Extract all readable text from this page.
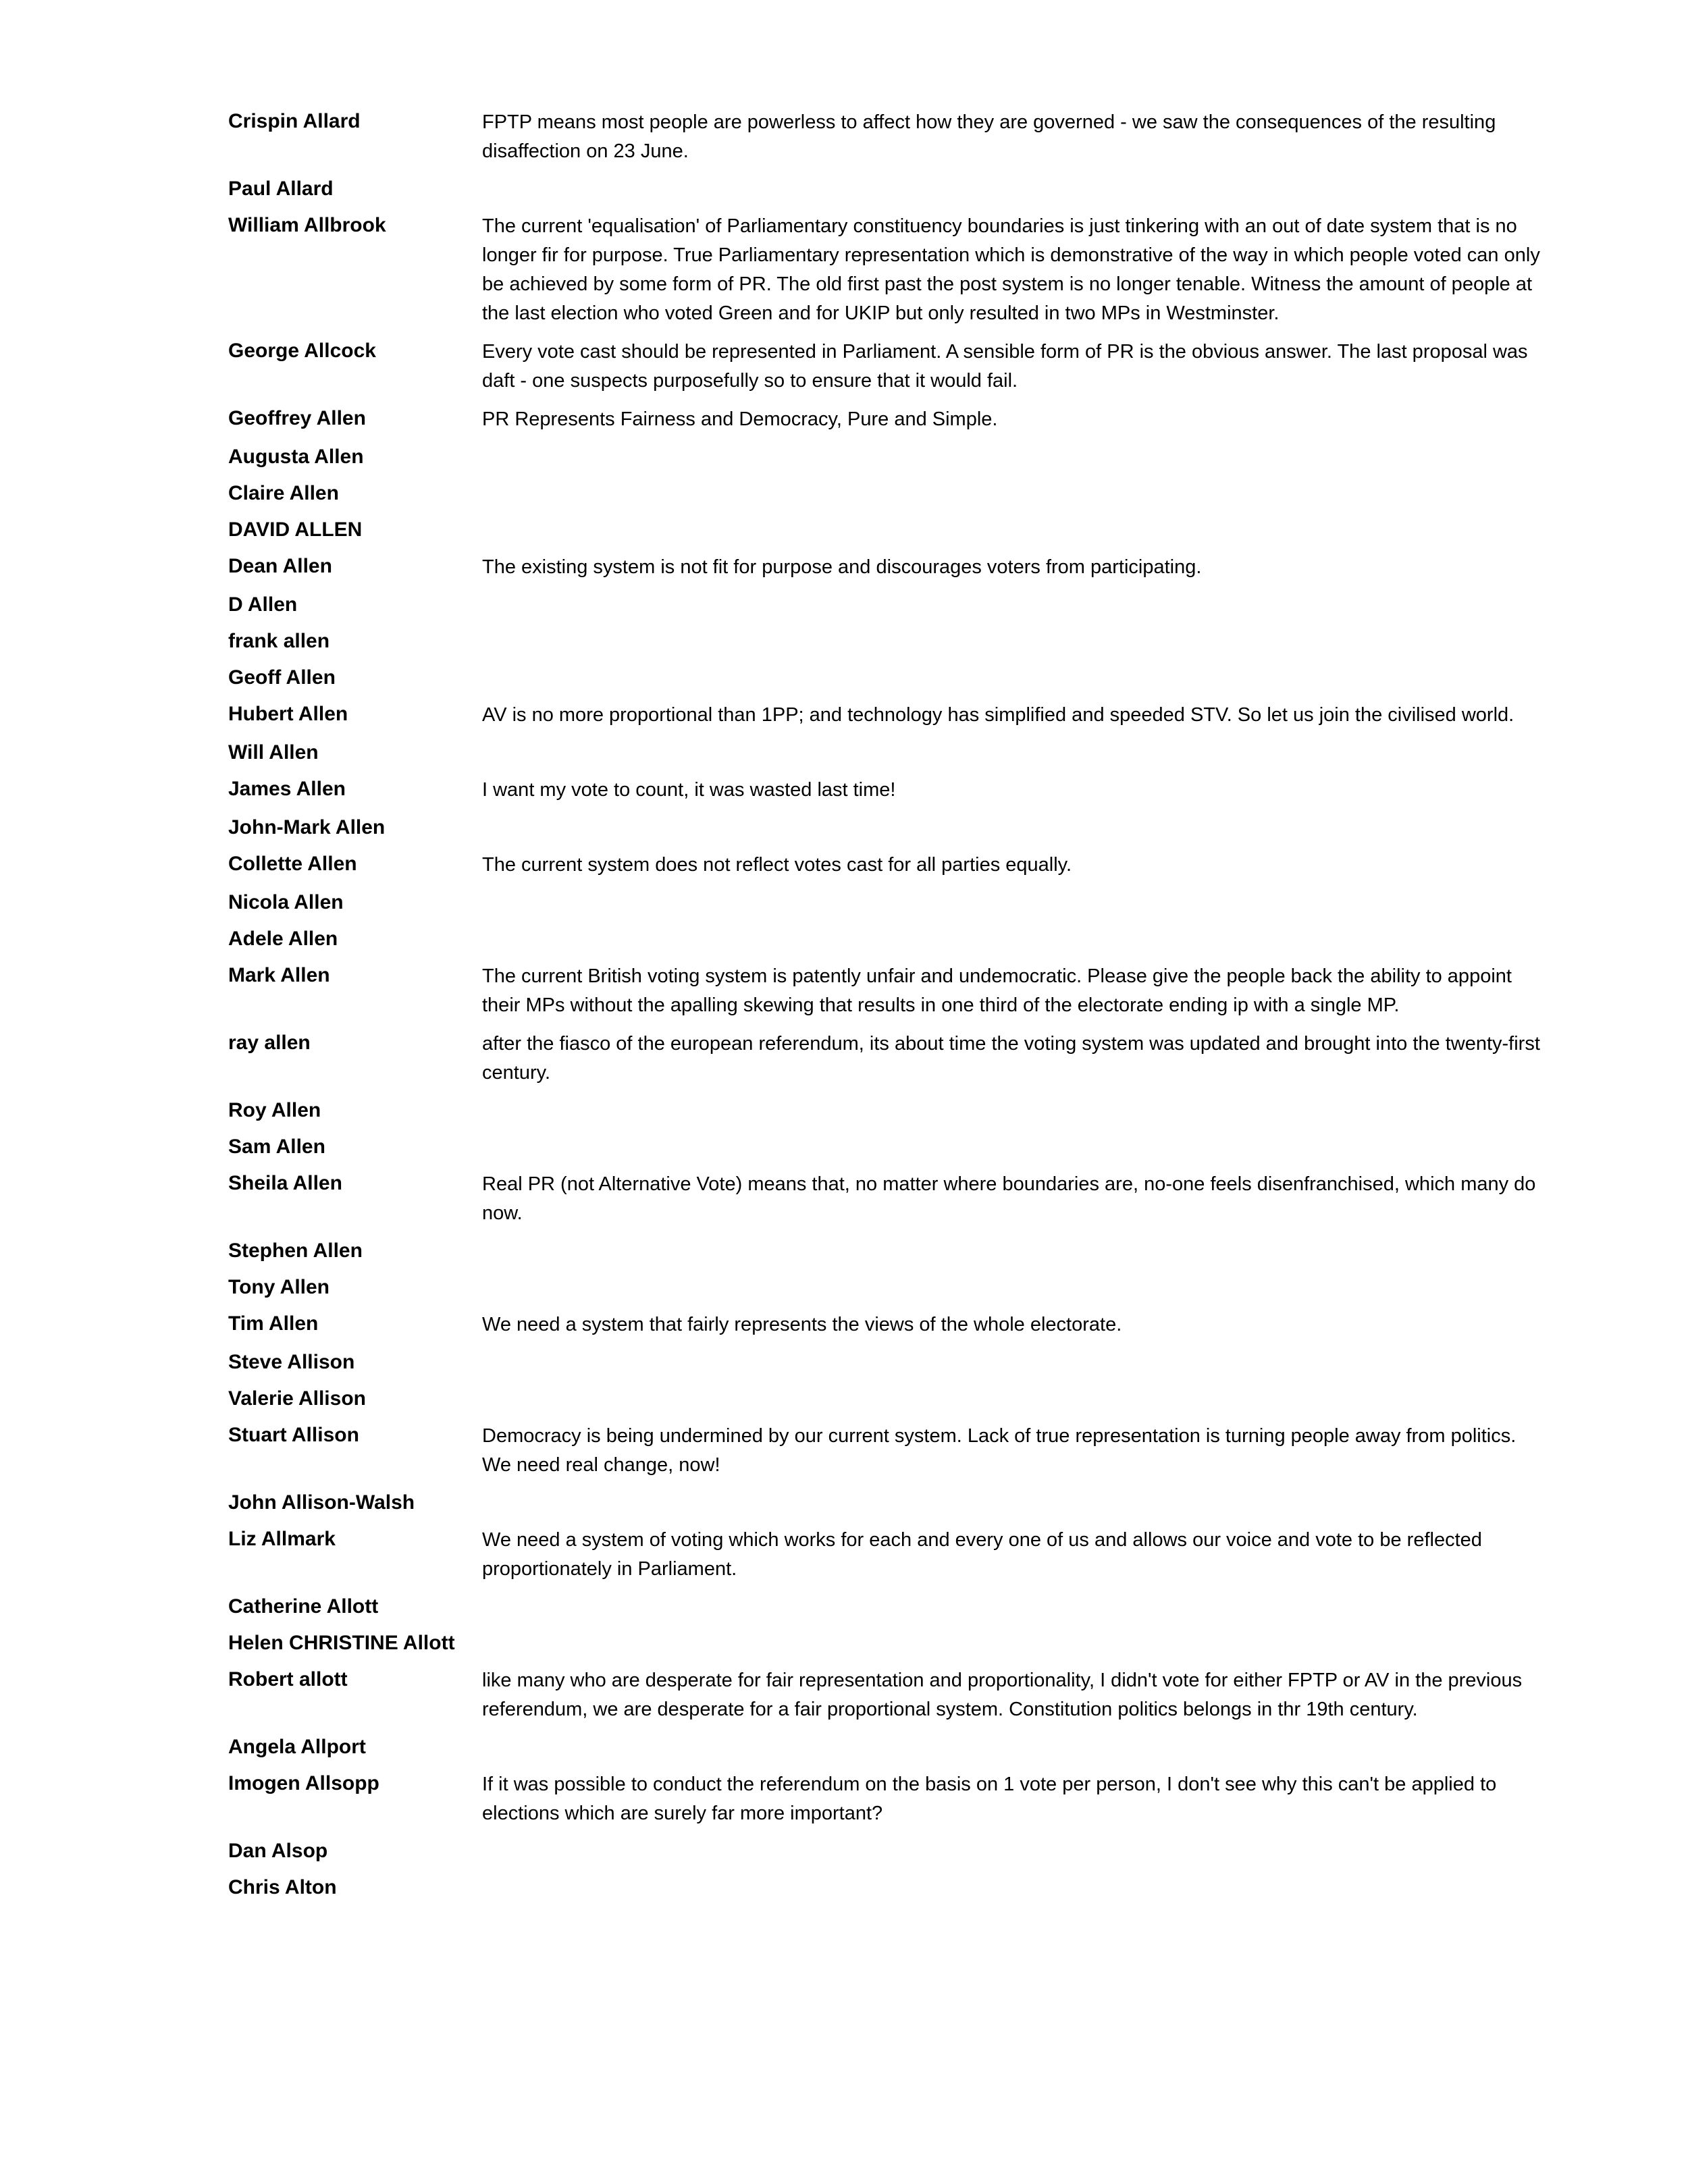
Crispin Allard	FPTP means most people are powerless to affect how they are governed - we saw the consequences of the resulting disaffection on 23 June.
Paul Allard
William Allbrook	The current 'equalisation' of Parliamentary constituency boundaries is just tinkering with an out of date system that is no longer fir for purpose. True Parliamentary representation which is demonstrative of the way in which people voted can only be achieved by some form of PR. The old first past the post system is no longer tenable. Witness the amount of people at the last election who voted Green and for UKIP but only resulted in two MPs in Westminster.
George Allcock	Every vote cast should be represented in Parliament. A sensible form of PR is the obvious answer. The last proposal was daft - one suspects purposefully so to ensure that it would fail.
Geoffrey Allen	PR Represents Fairness and Democracy, Pure and Simple.
Augusta Allen
Claire Allen
DAVID ALLEN
Dean Allen	The existing system is not fit for purpose and discourages voters from participating.
D Allen
frank allen
Geoff Allen
Hubert Allen	AV is no more proportional than 1PP; and technology has simplified and speeded STV. So let us join the civilised world.
Will Allen
James Allen	I want my vote to count, it was wasted last time!
John-Mark Allen
Collette Allen	The current system does not reflect votes cast for all parties equally.
Nicola Allen
Adele Allen
Mark Allen	The current British voting system is patently unfair and undemocratic. Please give the people back the ability to appoint their MPs without the apalling skewing that results in one third of the electorate ending ip with a single MP.
ray allen	after the fiasco of the european referendum, its about time the voting system was updated and brought into the twenty-first century.
Roy Allen
Sam Allen
Sheila Allen	Real PR (not Alternative Vote) means that, no matter where boundaries are, no-one feels disenfranchised, which many do now.
Stephen Allen
Tony Allen
Tim Allen	We need a system that fairly represents the views of the whole electorate.
Steve Allison
Valerie Allison
Stuart Allison	Democracy is being undermined by our current system. Lack of true representation is turning people away from politics. We need real change, now!
John Allison-Walsh
Liz Allmark	We need a system of voting which works for each and every one of us and allows our voice and vote to be reflected proportionately in Parliament.
Catherine Allott
Helen CHRISTINE Allott
Robert allott	like many who are desperate for fair representation and proportionality, I didn't vote for either FPTP or AV in the previous referendum, we are desperate for a fair proportional system. Constitution politics belongs in thr 19th century.
Angela Allport
Imogen Allsopp	If it was possible to conduct the referendum on the basis on 1 vote per person, I don't see why this can't be applied to elections which are surely far more important?
Dan Alsop
Chris Alton
